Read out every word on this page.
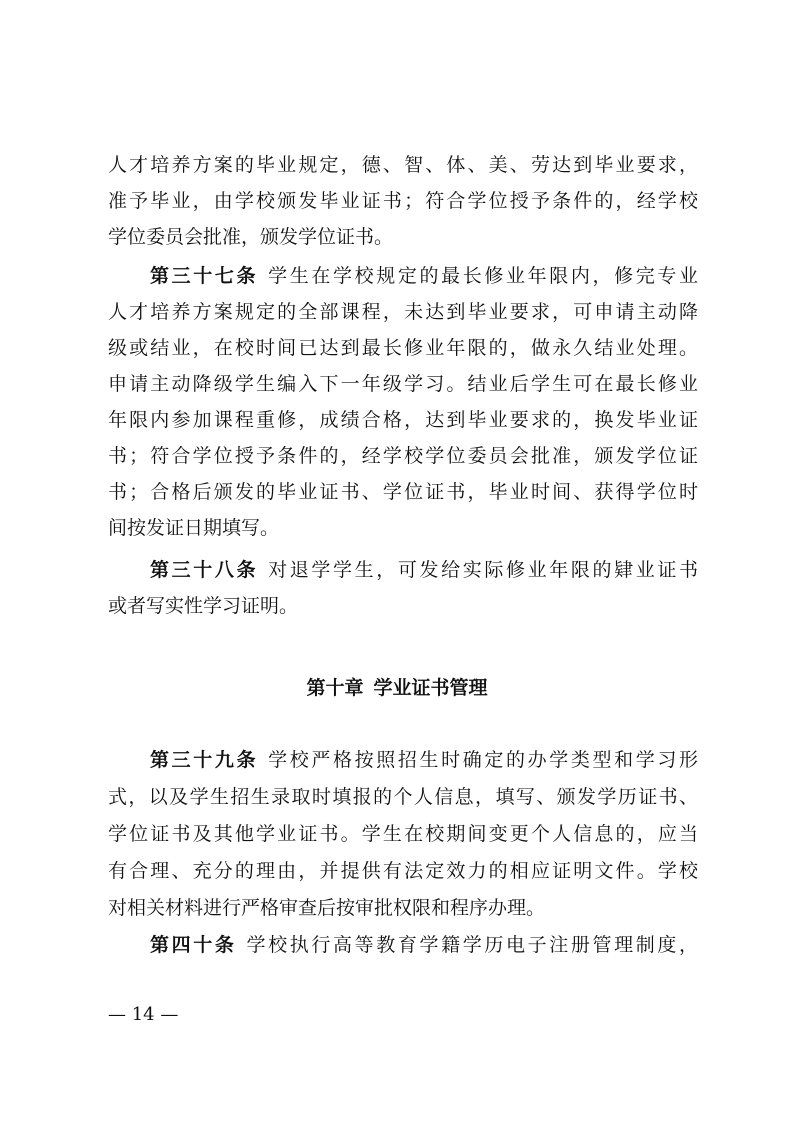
人才培养方案的毕业规定，德、智、体、美、劳达到毕业要求，

准予毕业，由学校颁发毕业证书；符合学位授予条件的，经学校

学位委员会批准，颁发学位证书。

第三十七条 学生在学校规定的最长修业年限内，修完专业

人才培养方案规定的全部课程，未达到毕业要求，可申请主动降

级或结业，在校时间已达到最长修业年限的，做永久结业处理。

申请主动降级学生编入下一年级学习。结业后学生可在最长修业

年限内参加课程重修，成绩合格，达到毕业要求的，换发毕业证

书；符合学位授予条件的，经学校学位委员会批准，颁发学位证

书；合格后颁发的毕业证书、学位证书，毕业时间、获得学位时

间按发证日期填写。

第三十八条 对退学学生，可发给实际修业年限的肄业证书

或者写实性学习证明。

第十章 学业证书管理

第三十九条 学校严格按照招生时确定的办学类型和学习形

式，以及学生招生录取时填报的个人信息，填写、颁发学历证书、

学位证书及其他学业证书。学生在校期间变更个人信息的，应当

有合理、充分的理由，并提供有法定效力的相应证明文件。学校

对相关材料进行严格审查后按审批权限和程序办理。

第四十条 学校执行高等教育学籍学历电子注册管理制度，

— 14 —
